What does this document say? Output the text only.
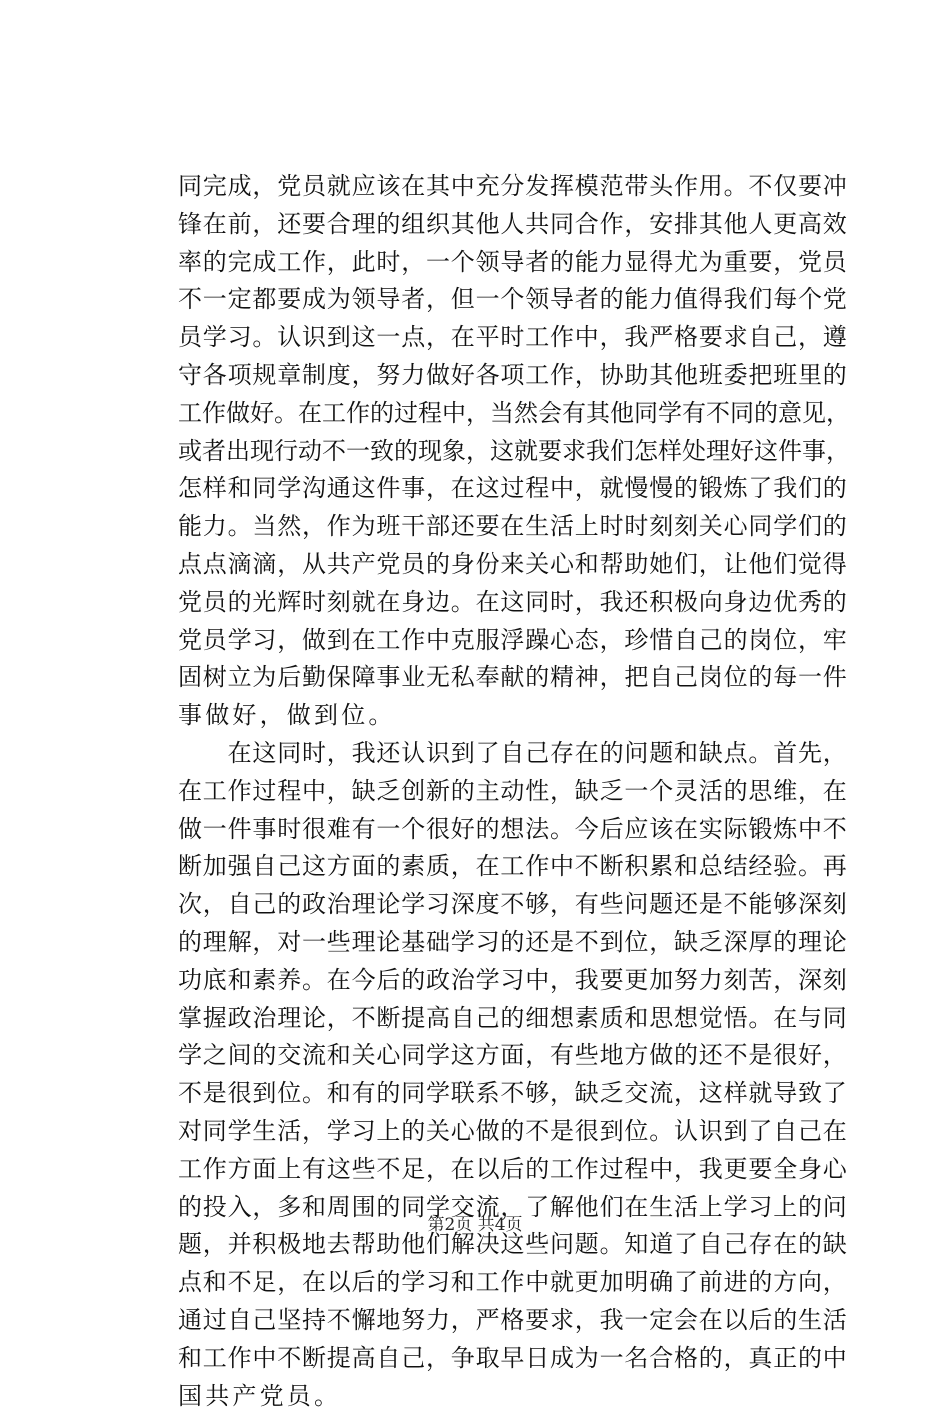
同完成，党员就应该在其中充分发挥模范带头作用。不仅要冲
锋在前，还要合理的组织其他人共同合作，安排其他人更高效
率的完成工作，此时，一个领导者的能力显得尤为重要，党员
不一定都要成为领导者，但一个领导者的能力值得我们每个党
员学习。认识到这一点，在平时工作中，我严格要求自己，遵
守各项规章制度，努力做好各项工作，协助其他班委把班里的
工作做好。在工作的过程中，当然会有其他同学有不同的意见，
或者出现行动不一致的现象，这就要求我们怎样处理好这件事，
怎样和同学沟通这件事，在这过程中，就慢慢的锻炼了我们的
能力。当然，作为班干部还要在生活上时时刻刻关心同学们的
点点滴滴，从共产党员的身份来关心和帮助她们，让他们觉得
党员的光辉时刻就在身边。在这同时，我还积极向身边优秀的
党员学习，做到在工作中克服浮躁心态，珍惜自己的岗位，牢
固树立为后勤保障事业无私奉献的精神，把自己岗位的每一件
事做好，做到位。
　　在这同时，我还认识到了自己存在的问题和缺点。首先，
在工作过程中，缺乏创新的主动性，缺乏一个灵活的思维，在
做一件事时很难有一个很好的想法。今后应该在实际锻炼中不
断加强自己这方面的素质，在工作中不断积累和总结经验。再
次，自己的政治理论学习深度不够，有些问题还是不能够深刻
的理解，对一些理论基础学习的还是不到位，缺乏深厚的理论
功底和素养。在今后的政治学习中，我要更加努力刻苦，深刻
掌握政治理论，不断提高自己的细想素质和思想觉悟。在与同
学之间的交流和关心同学这方面，有些地方做的还不是很好，
不是很到位。和有的同学联系不够，缺乏交流，这样就导致了
对同学生活，学习上的关心做的不是很到位。认识到了自己在
工作方面上有这些不足，在以后的工作过程中，我更要全身心
的投入，多和周围的同学交流，了解他们在生活上学习上的问
题，并积极地去帮助他们解决这些问题。知道了自己存在的缺
点和不足，在以后的学习和工作中就更加明确了前进的方向，
通过自己坚持不懈地努力，严格要求，我一定会在以后的生活
和工作中不断提高自己，争取早日成为一名合格的，真正的中
国共产党员。
第2页 共4页
